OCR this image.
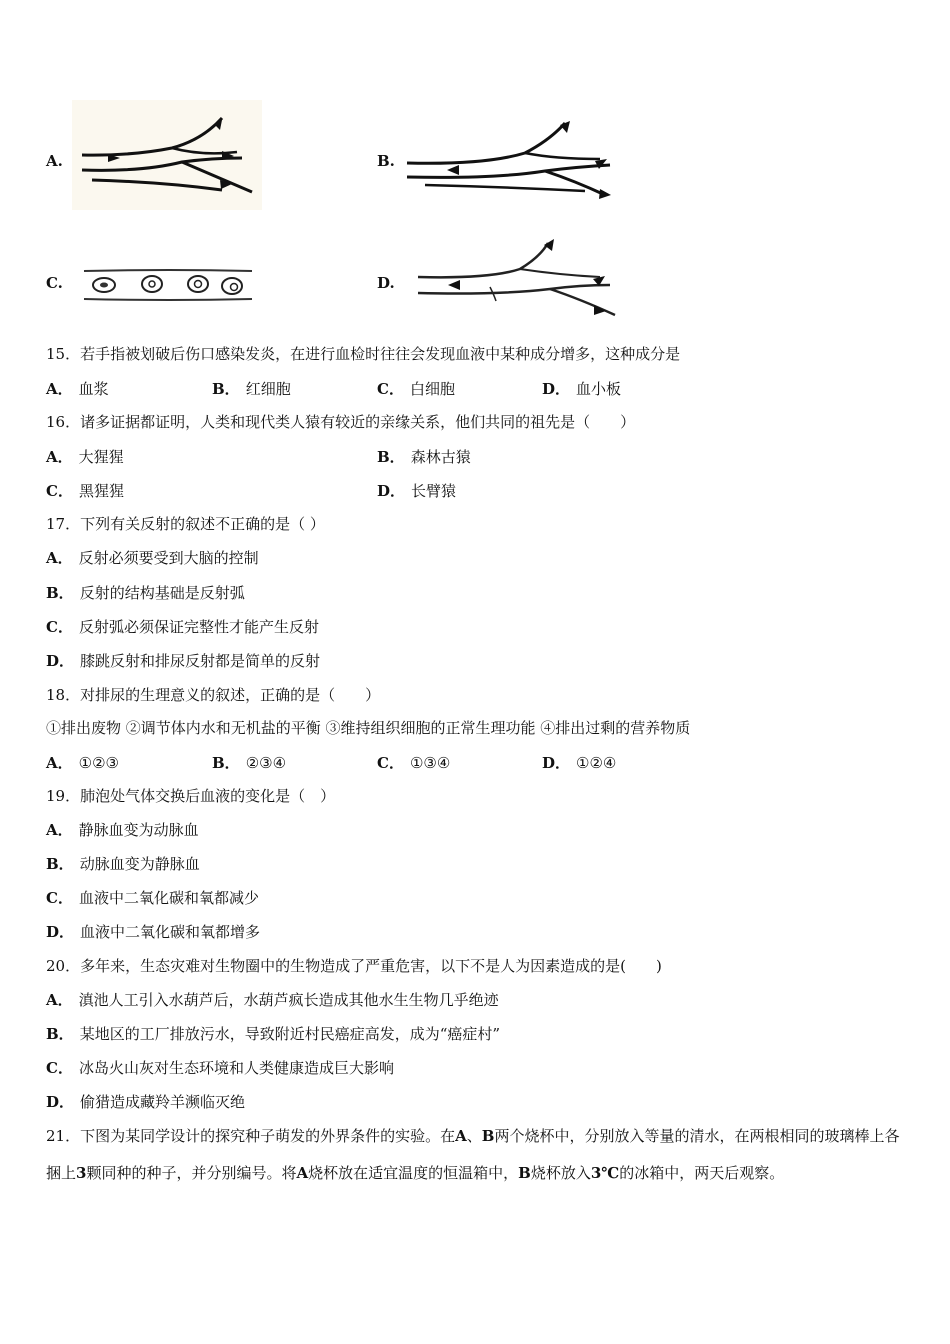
A.	B.
C.	D.
15．若手指被划破后伤口感染发炎，在进行血检时往往会发现血液中某种成分增多，这种成分是
A． 血浆	B． 红细胞	C． 白细胞	D． 血小板
16．诸多证据都证明，人类和现代类人猿有较近的亲缘关系，他们共同的祖先是（　　）
A． 大猩猩	B． 森林古猿
C． 黑猩猩	D． 长臂猿
17．下列有关反射的叙述不正确的是（ ）
A． 反射必须要受到大脑的控制
B． 反射的结构基础是反射弧
C． 反射弧必须保证完整性才能产生反射
D． 膝跳反射和排尿反射都是简单的反射
18．对排尿的生理意义的叙述，正确的是（　　）
①排出废物 ②调节体内水和无机盐的平衡 ③维持组织细胞的正常生理功能 ④排出过剩的营养物质
A． ①②③	B． ②③④	C． ①③④	D． ①②④
19．肺泡处气体交换后血液的变化是（　）
A． 静脉血变为动脉血
B． 动脉血变为静脉血
C． 血液中二氧化碳和氧都减少
D． 血液中二氧化碳和氧都增多
20．多年来，生态灾难对生物圈中的生物造成了严重危害，以下不是人为因素造成的是(　　)
A． 滇池人工引入水葫芦后，水葫芦疯长造成其他水生生物几乎绝迹
B． 某地区的工厂排放污水，导致附近村民癌症高发，成为“癌症村”
C． 冰岛火山灰对生态环境和人类健康造成巨大影响
D． 偷猎造成藏羚羊濒临灭绝
21．下图为某同学设计的探究种子萌发的外界条件的实验。在A、B两个烧杯中，分别放入等量的清水，在两根相同的玻璃棒上各捆上3颗同种的种子，并分别编号。将A烧杯放在适宜温度的恒温箱中，B烧杯放入3℃的冰箱中，两天后观察。
